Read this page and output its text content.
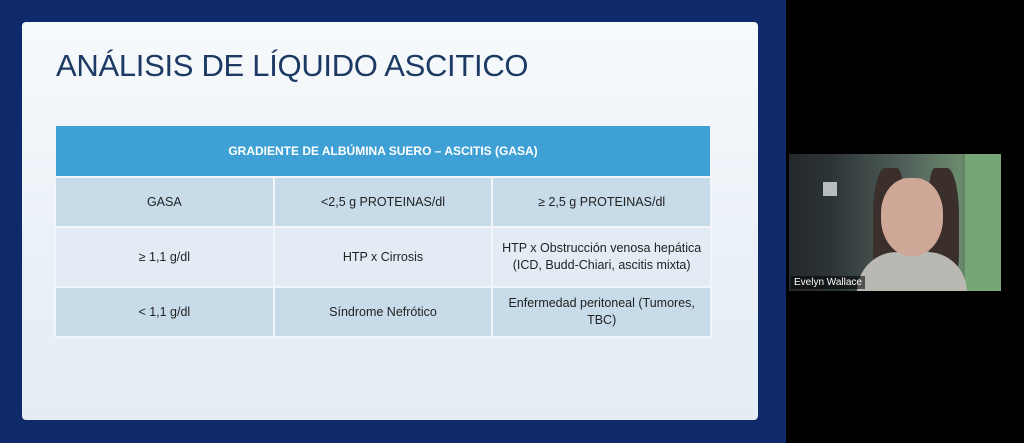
ANÁLISIS DE LÍQUIDO ASCITICO
GRADIENTE DE ALBÚMINA SUERO – ASCITIS (GASA)		
GASA	<2,5 g PROTEINAS/dl	≥ 2,5 g PROTEINAS/dl
≥ 1,1 g/dl	HTP x Cirrosis	HTP x Obstrucción venosa hepática (ICD, Budd-Chiari, ascitis mixta)
< 1,1 g/dl	Síndrome Nefrótico	Enfermedad peritoneal (Tumores, TBC)
Evelyn Wallace
